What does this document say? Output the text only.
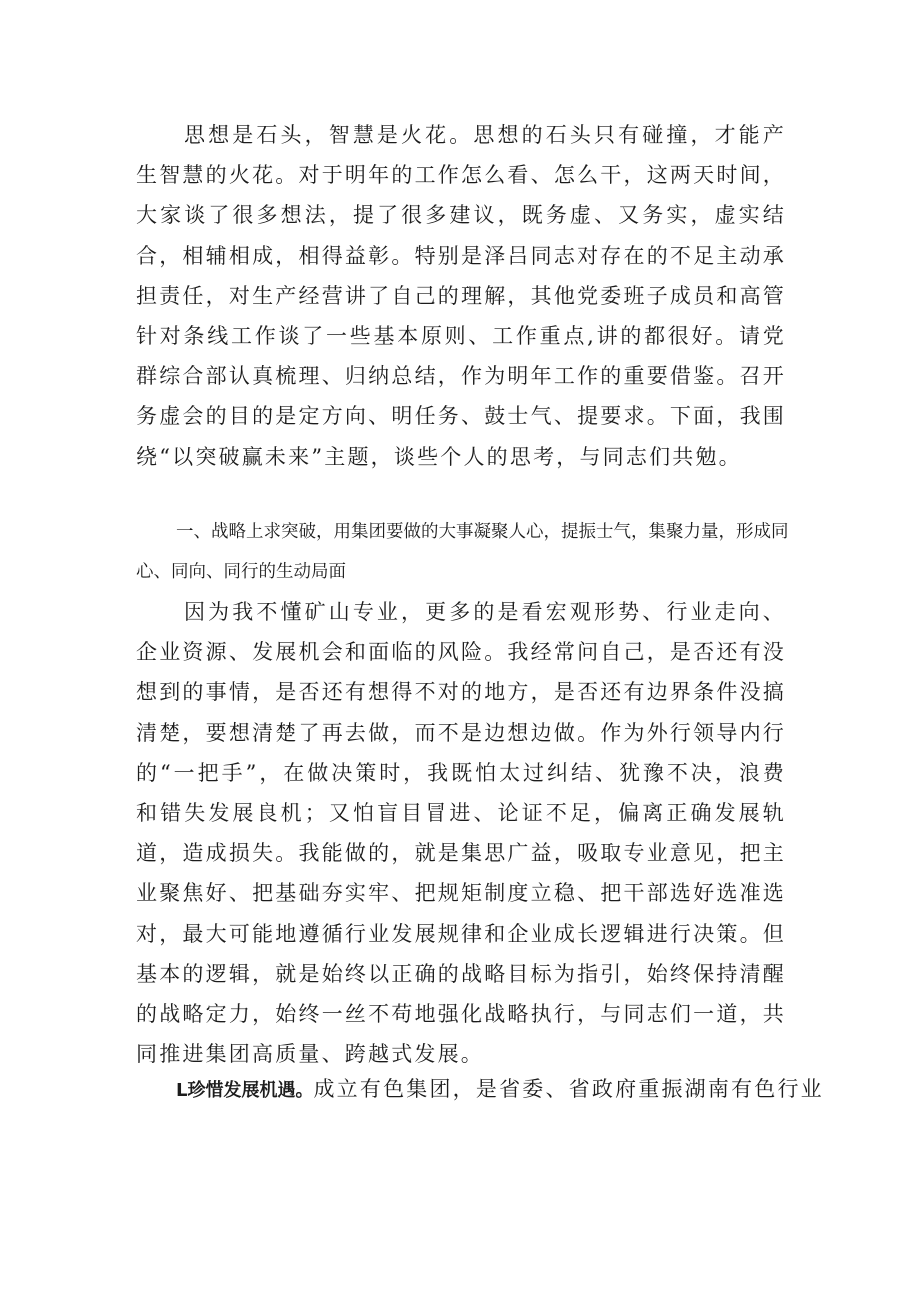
思想是石头，智慧是火花。思想的石头只有碰撞，才能产生智慧的火花。对于明年的工作怎么看、怎么干，这两天时间，大家谈了很多想法，提了很多建议，既务虚、又务实，虚实结合，相辅相成，相得益彰。特别是泽吕同志对存在的不足主动承担责任，对生产经营讲了自己的理解，其他党委班子成员和高管针对条线工作谈了一些基本原则、工作重点,讲的都很好。请党群综合部认真梳理、归纳总结，作为明年工作的重要借鉴。召开务虚会的目的是定方向、明任务、鼓士气、提要求。下面，我围绕“以突破赢未来”主题，谈些个人的思考，与同志们共勉。

一、战略上求突破，用集团要做的大事凝聚人心，提振士气，集聚力量，形成同心、同向、同行的生动局面

因为我不懂矿山专业，更多的是看宏观形势、行业走向、企业资源、发展机会和面临的风险。我经常问自己，是否还有没想到的事情，是否还有想得不对的地方，是否还有边界条件没搞清楚，要想清楚了再去做，而不是边想边做。作为外行领导内行的“一把手”，在做决策时，我既怕太过纠结、犹豫不决，浪费和错失发展良机；又怕盲目冒进、论证不足，偏离正确发展轨道，造成损失。我能做的，就是集思广益，吸取专业意见，把主业聚焦好、把基础夯实牢、把规矩制度立稳、把干部选好选准选对，最大可能地遵循行业发展规律和企业成长逻辑进行决策。但基本的逻辑，就是始终以正确的战略目标为指引，始终保持清醒的战略定力，始终一丝不苟地强化战略执行，与同志们一道，共同推进集团高质量、跨越式发展。

L珍惜发展机遇。成立有色集团，是省委、省政府重振湖南有色行业
